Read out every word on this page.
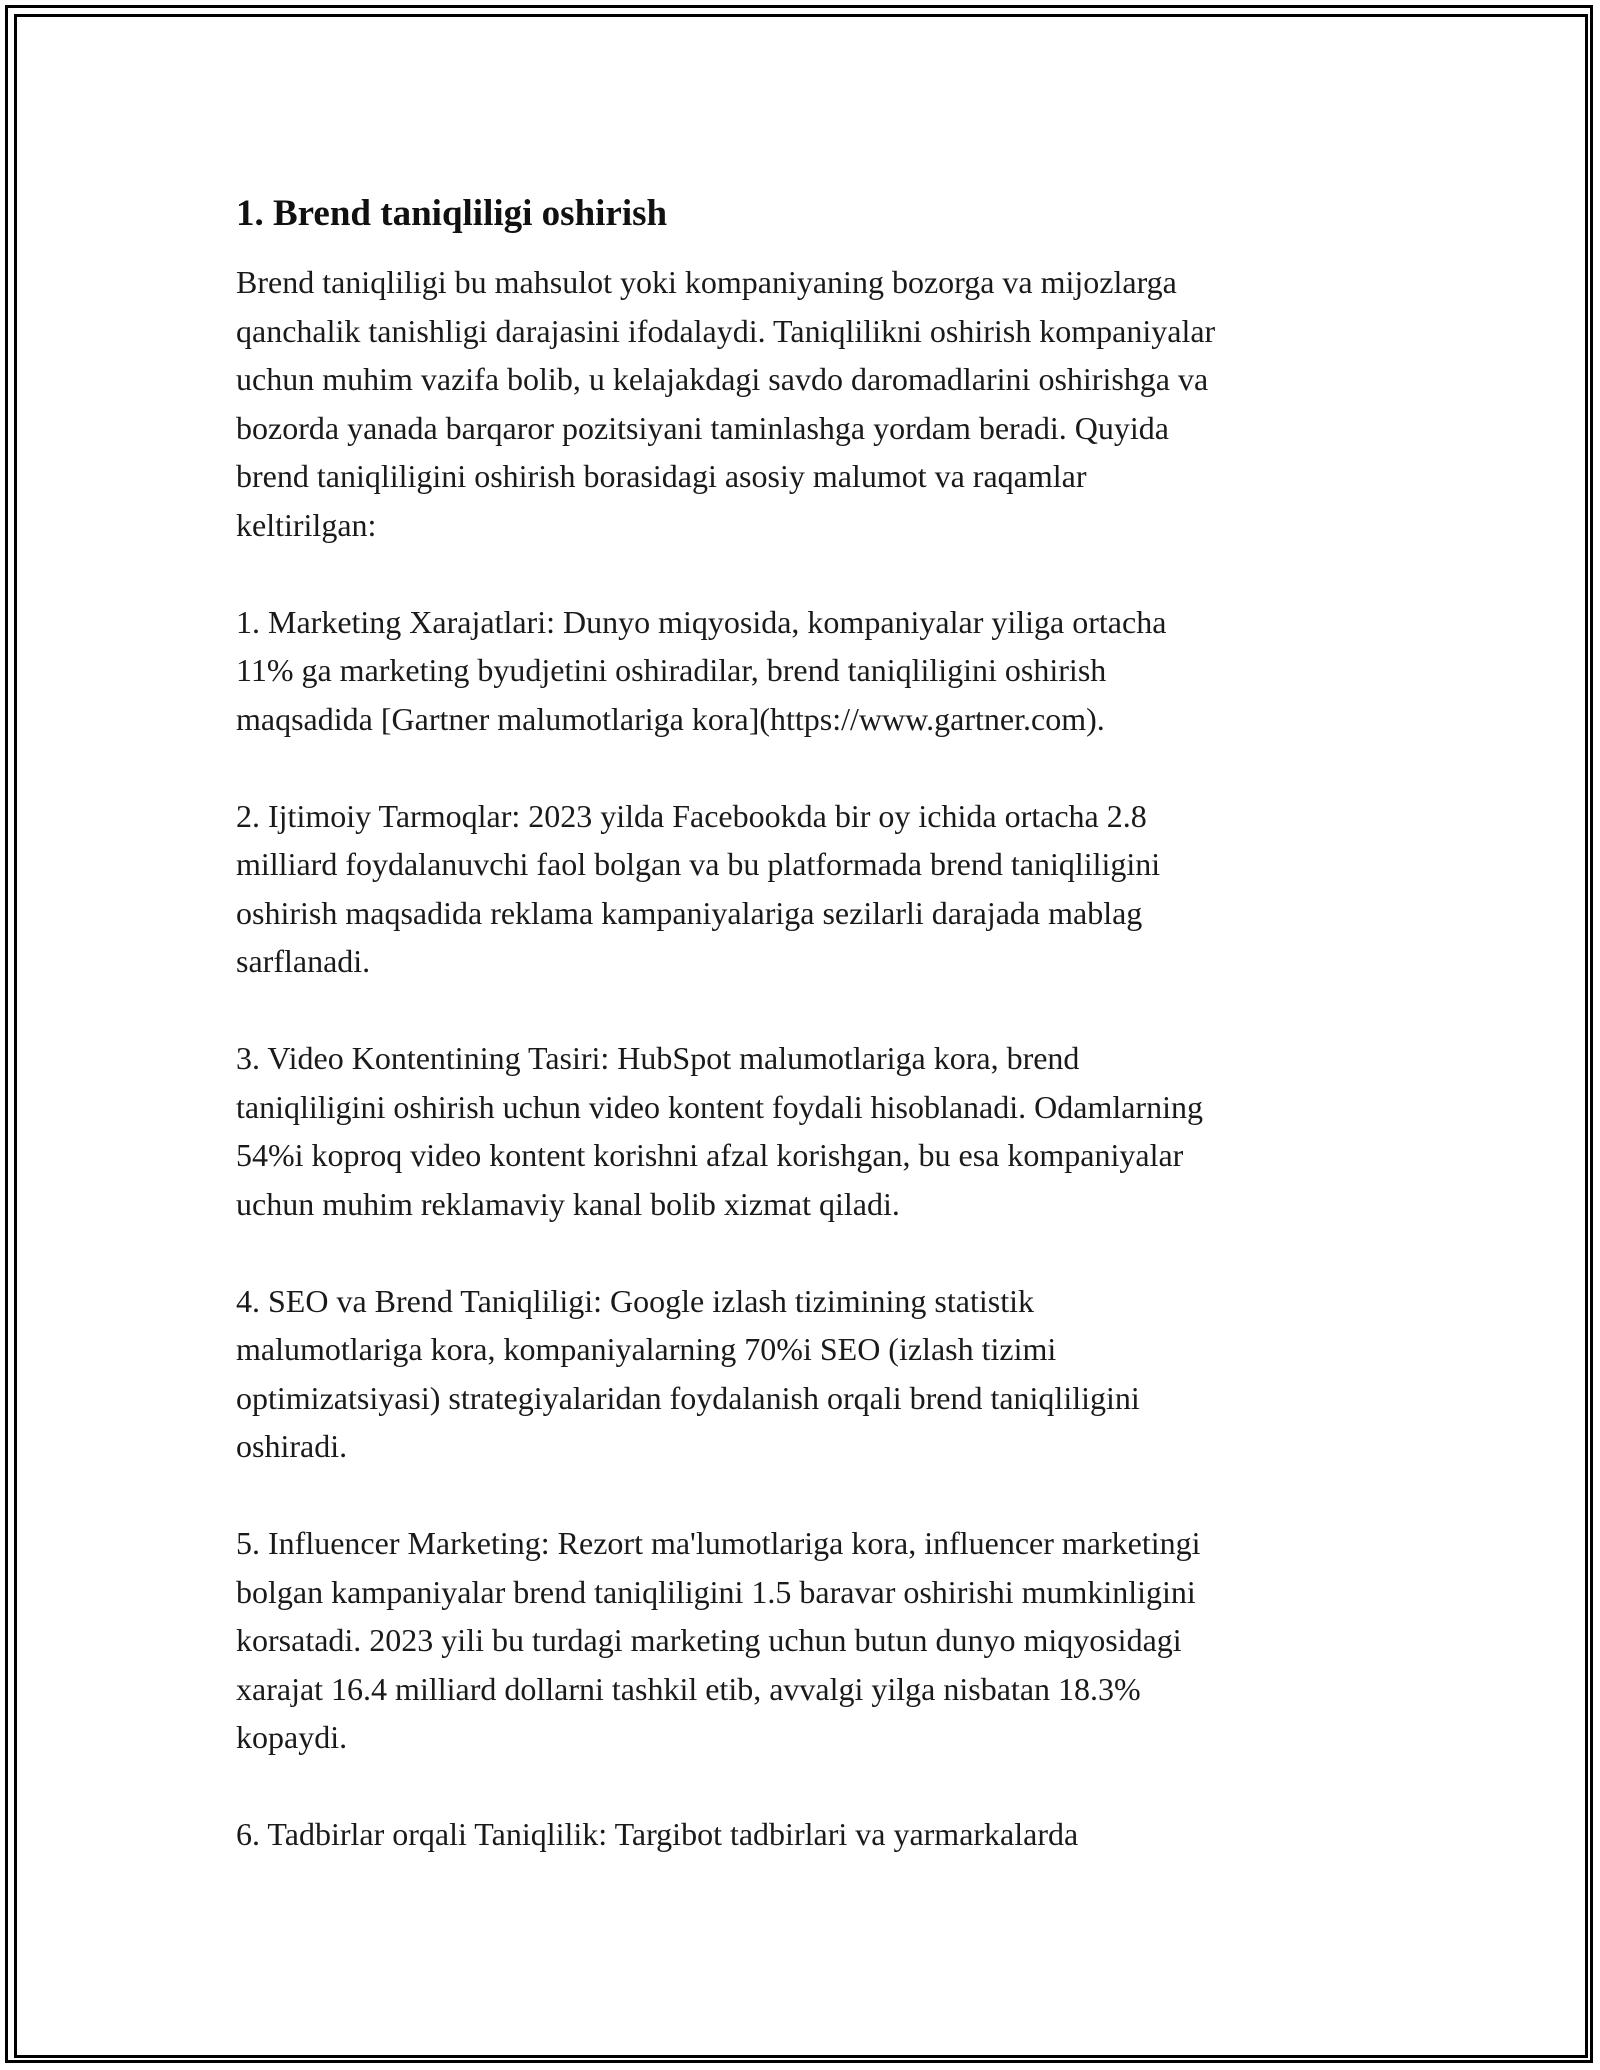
1. Brend taniqliligi oshirish

Brend taniqliligi bu mahsulot yoki kompaniyaning bozorga va mijozlarga
qanchalik tanishligi darajasini ifodalaydi. Taniqlilikni oshirish kompaniyalar
uchun muhim vazifa bolib, u kelajakdagi savdo daromadlarini oshirishga va
bozorda yanada barqaror pozitsiyani taminlashga yordam beradi. Quyida
brend taniqliligini oshirish borasidagi asosiy malumot va raqamlar
keltirilgan:

1. Marketing Xarajatlari: Dunyo miqyosida, kompaniyalar yiliga ortacha
11% ga marketing byudjetini oshiradilar, brend taniqliligini oshirish
maqsadida [Gartner malumotlariga kora](https://www.gartner.com).

2. Ijtimoiy Tarmoqlar: 2023 yilda Facebookda bir oy ichida ortacha 2.8
milliard foydalanuvchi faol bolgan va bu platformada brend taniqliligini
oshirish maqsadida reklama kampaniyalariga sezilarli darajada mablag
sarflanadi.

3. Video Kontentining Tasiri: HubSpot malumotlariga kora, brend
taniqliligini oshirish uchun video kontent foydali hisoblanadi. Odamlarning
54%i koproq video kontent korishni afzal korishgan, bu esa kompaniyalar
uchun muhim reklamaviy kanal bolib xizmat qiladi.

4. SEO va Brend Taniqliligi: Google izlash tizimining statistik
malumotlariga kora, kompaniyalarning 70%i SEO (izlash tizimi
optimizatsiyasi) strategiyalaridan foydalanish orqali brend taniqliligini
oshiradi.

5. Influencer Marketing: Rezort ma'lumotlariga kora, influencer marketingi
bolgan kampaniyalar brend taniqliligini 1.5 baravar oshirishi mumkinligini
korsatadi. 2023 yili bu turdagi marketing uchun butun dunyo miqyosidagi
xarajat 16.4 milliard dollarni tashkil etib, avvalgi yilga nisbatan 18.3%
kopaydi.

6. Tadbirlar orqali Taniqlilik: Targibot tadbirlari va yarmarkalarda
